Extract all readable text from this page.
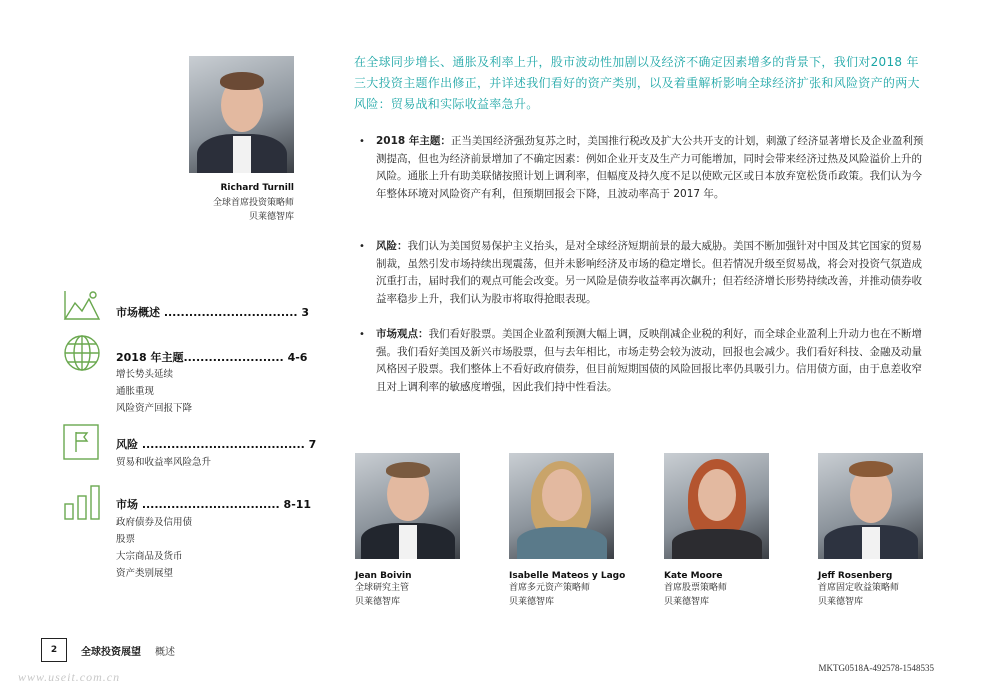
Richard Turnill
全球首席投资策略师
贝莱德智库
在全球同步增长、通胀及利率上升，股市波动性加剧以及经济不确定因素增多的背景下，我们对2018 年三大投资主题作出修正，并详述我们看好的资产类别，以及着重解析影响全球经济扩张和风险资产的两大风险：贸易战和实际收益率急升。
• 2018 年主题：正当美国经济强劲复苏之时，美国推行税改及扩大公共开支的计划，刺激了经济显著增长及企业盈利预测提高，但也为经济前景增加了不确定因素：例如企业开支及生产力可能增加，同时会带来经济过热及风险溢价上升的风险。通胀上升有助美联储按照计划上调利率，但幅度及持久度不足以使欧元区或日本放弃宽松货币政策。我们认为今年整体环境对风险资产有利，但预期回报会下降，且波动率高于 2017 年。
• 风险：我们认为美国贸易保护主义抬头，是对全球经济短期前景的最大威胁。美国不断加强针对中国及其它国家的贸易制裁，虽然引发市场持续出现震荡，但并未影响经济及市场的稳定增长。但若情况升级至贸易战，将会对投资气氛造成沉重打击，届时我们的观点可能会改变。另一风险是债券收益率再次飙升；但若经济增长形势持续改善，并推动债券收益率稳步上升，我们认为股市将取得抢眼表现。
• 市场观点：我们看好股票。美国企业盈利预测大幅上调，反映削减企业税的利好，而全球企业盈利上升动力也在不断增强。我们看好美国及新兴市场股票，但与去年相比，市场走势会较为波动，回报也会减少。我们看好科技、金融及动量风格因子股票。我们整体上不看好政府债券，但目前短期国债的风险回报比率仍具吸引力。信用债方面，由于息差收窄且对上调利率的敏感度增强，因此我们持中性看法。
市场概述 ................................ 3
2018 年主题........................ 4-6
增长势头延续
通胀重现
风险资产回报下降
风险 ....................................... 7
贸易和收益率风险急升
市场 ................................. 8-11
政府债券及信用债
股票
大宗商品及货币
资产类别展望	Jean Boivin
全球研究主管
贝莱德智库
Isabelle Mateos y Lago
首席多元资产策略师
贝莱德智库
Kate Moore
首席股票策略师
贝莱德智库
Jeff Rosenberg
首席固定收益策略师
贝莱德智库
2	全球投资展望 概述
MKTG0518A-492578-1548535
www.useit.com.cn
